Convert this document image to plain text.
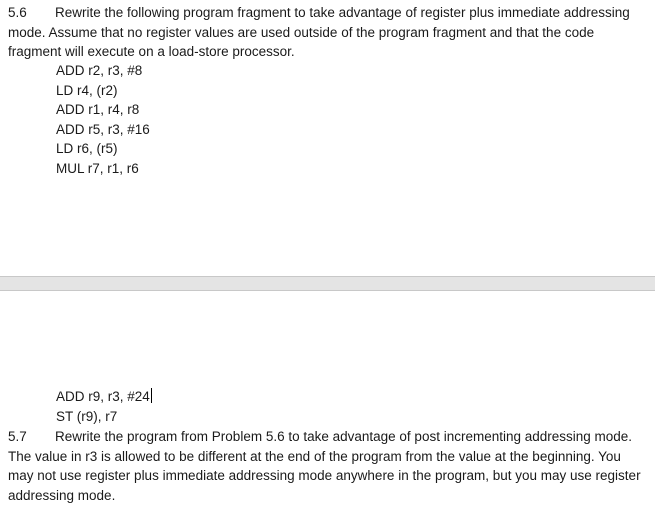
5.6 Rewrite the following program fragment to take advantage of register plus immediate addressing mode. Assume that no register values are used outside of the program fragment and that the code fragment will execute on a load-store processor.

ADD r2, r3, #8
LD r4, (r2)
ADD r1, r4, r8
ADD r5, r3, #16
LD r6, (r5)
MUL r7, r1, r6
ADD r9, r3, #24
ST (r9), r7

5.7 Rewrite the program from Problem 5.6 to take advantage of post incrementing addressing mode. The value in r3 is allowed to be different at the end of the program from the value at the beginning. You may not use register plus immediate addressing mode anywhere in the program, but you may use register addressing mode.
